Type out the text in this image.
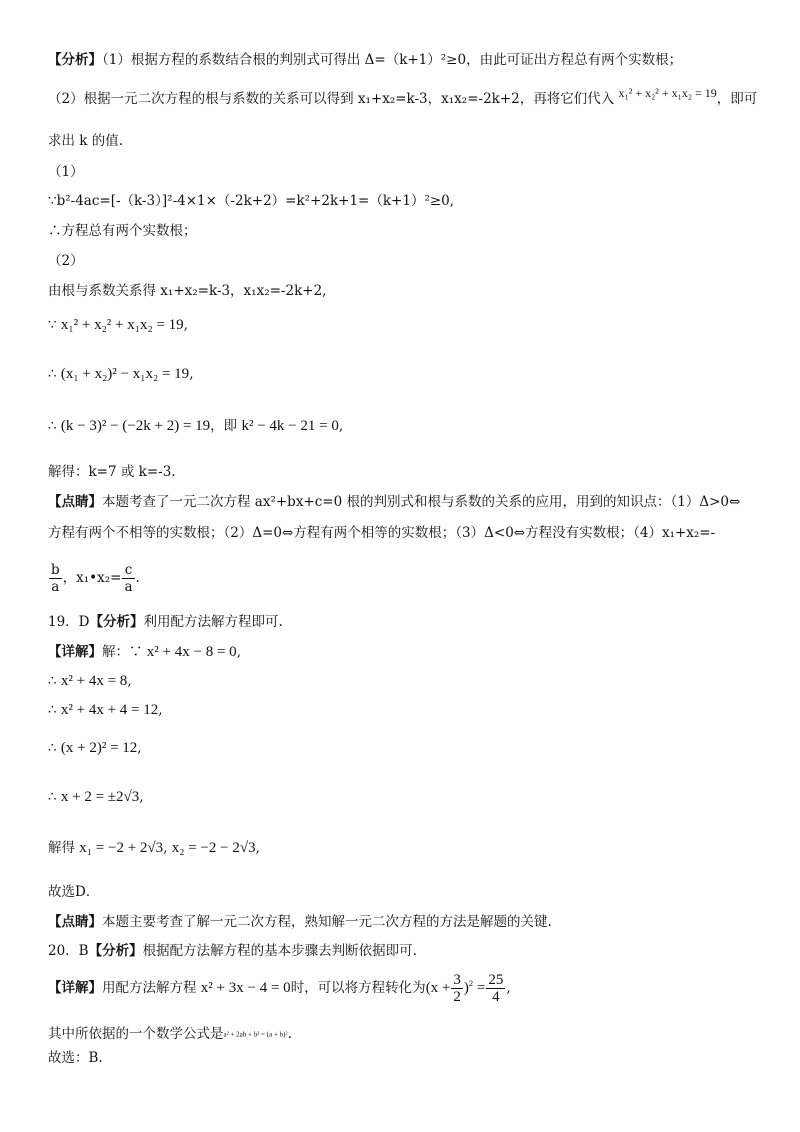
【分析】（1）根据方程的系数结合根的判别式可得出 Δ=（k+1）²≥0，由此可证出方程总有两个实数根；
（2）根据一元二次方程的根与系数的关系可以得到 x₁+x₂=k-3，x₁x₂=-2k+2，再将它们代入 x₁² + x₂² + x₁x₂ = 19，即可
求出 k 的值.
（1）
∵b²-4ac=[-（k-3）]²-4×1×（-2k+2）=k²+2k+1=（k+1）²≥0,
∴方程总有两个实数根；
（2）
由根与系数关系得 x₁+x₂=k-3，x₁x₂=-2k+2,
∵ x₁² + x₂² + x₁x₂ = 19,
∴ (x₁ + x₂)² − x₁x₂ = 19,
∴ (k − 3)² − (−2k + 2) = 19，即 k² − 4k − 21 = 0,
解得：k=7 或 k=-3.
【点睛】本题考查了一元二次方程 ax²+bx+c=0 根的判别式和根与系数的关系的应用，用到的知识点：（1）Δ>0⇔
方程有两个不相等的实数根；（2）Δ=0⇔方程有两个相等的实数根；（3）Δ<0⇔方程没有实数根；（4）x₁+x₂=-
$\frac{b}{a}$ ，x₁•x₂= $\frac{c}{a}$ .
19．D【分析】利用配方法解方程即可.
【详解】解：∵ x² + 4x − 8 = 0,
∴ x² + 4x = 8,
∴ x² + 4x + 4 = 12,
∴ (x + 2)² = 12,
∴ x + 2 = ±2√3,
解得 x₁ = −2 + 2√3, x₂ = −2 − 2√3,
故选D．
【点睛】本题主要考查了解一元二次方程，熟知解一元二次方程的方法是解题的关键.
20．B【分析】根据配方法解方程的基本步骤去判断依据即可.
【详解】用配方法解方程 x² + 3x − 4 = 0时，可以将方程转化为$(x + \frac{3}{2} )^2 = \frac{25}{4}$ ,
其中所依据的一个数学公式是a² + 2ab + b² = (a + b)².
故选：B.
